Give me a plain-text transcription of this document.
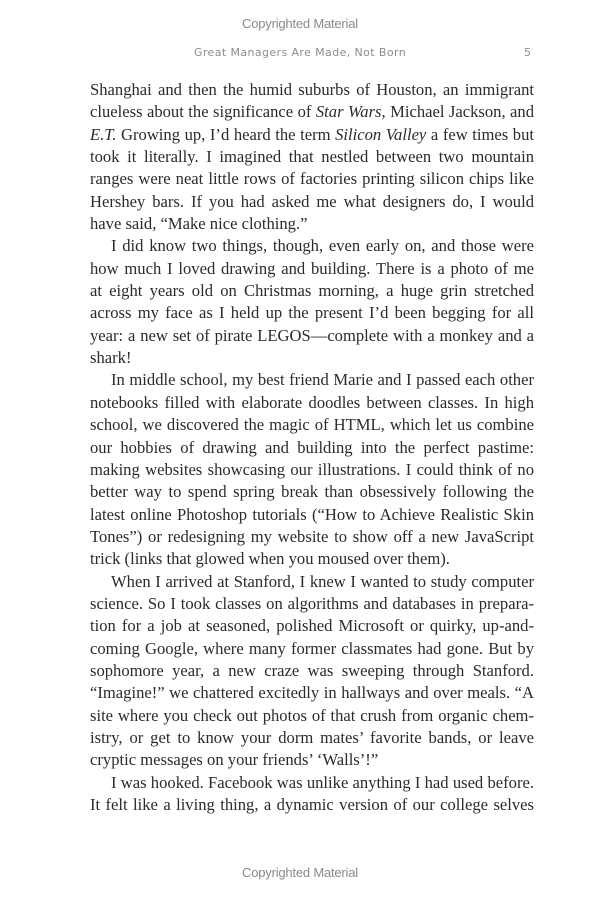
Copyrighted Material
Great Managers Are Made, Not Born	5
Shanghai and then the humid suburbs of Houston, an immigrant
clueless about the significance of Star Wars, Michael Jackson, and
E.T. Growing up, I’d heard the term Silicon Valley a few times but
took it literally. I imagined that nestled between two mountain
ranges were neat little rows of factories printing silicon chips like
Hershey bars. If you had asked me what designers do, I would
have said, “Make nice clothing.”
I did know two things, though, even early on, and those were
how much I loved drawing and building. There is a photo of me
at eight years old on Christmas morning, a huge grin stretched
across my face as I held up the present I’d been begging for all
year: a new set of pirate LEGOS—complete with a monkey and a
shark!
In middle school, my best friend Marie and I passed each other
notebooks filled with elaborate doodles between classes. In high
school, we discovered the magic of HTML, which let us combine
our hobbies of drawing and building into the perfect pastime:
making websites showcasing our illustrations. I could think of no
better way to spend spring break than obsessively following the
latest online Photoshop tutorials (“How to Achieve Realistic Skin
Tones”) or redesigning my website to show off a new JavaScript
trick (links that glowed when you moused over them).
When I arrived at Stanford, I knew I wanted to study computer
science. So I took classes on algorithms and databases in prepara-
tion for a job at seasoned, polished Microsoft or quirky, up-and-
coming Google, where many former classmates had gone. But by
sophomore year, a new craze was sweeping through Stanford.
“Imagine!” we chattered excitedly in hallways and over meals. “A
site where you check out photos of that crush from organic chem-
istry, or get to know your dorm mates’ favorite bands, or leave
cryptic messages on your friends’ ‘Walls’!”
I was hooked. Facebook was unlike anything I had used before.
It felt like a living thing, a dynamic version of our college selves
Copyrighted Material
